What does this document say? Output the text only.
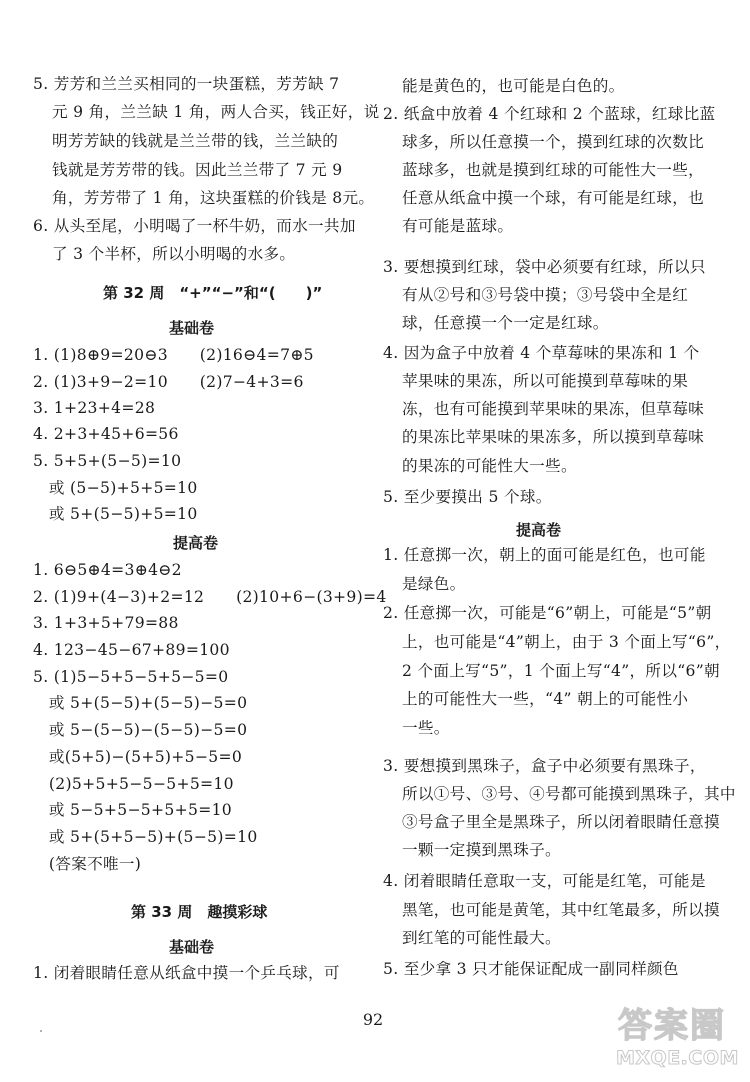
5. 芳芳和兰兰买相同的一块蛋糕，芳芳缺 7
元 9 角，兰兰缺 1 角，两人合买，钱正好，说
明芳芳缺的钱就是兰兰带的钱，兰兰缺的
钱就是芳芳带的钱。因此兰兰带了 7 元 9
角，芳芳带了 1 角，这块蛋糕的价钱是 8元。
6. 从头至尾，小明喝了一杯牛奶，而水一共加
了 3 个半杯，所以小明喝的水多。
第 32 周　“+”“−”和“(　　)”
基础卷
1. (1)8⊕9=20⊖3　　(2)16⊖4=7⊕5
2. (1)3+9−2=10　　(2)7−4+3=6
3. 1+23+4=28
4. 2+3+45+6=56
5. 5+5+(5−5)=10
　或 (5−5)+5+5=10
　或 5+(5−5)+5=10
提高卷
1. 6⊖5⊕4=3⊕4⊖2
2. (1)9+(4−3)+2=12　　(2)10+6−(3+9)=4
3. 1+3+5+79=88
4. 123−45−67+89=100
5. (1)5−5+5−5+5−5=0
　或 5+(5−5)+(5−5)−5=0
　或 5−(5−5)−(5−5)−5=0
　或(5+5)−(5+5)+5−5=0
　(2)5+5+5−5−5+5=10
　或 5−5+5−5+5+5=10
　或 5+(5+5−5)+(5−5)=10
　(答案不唯一)
第 33 周　趣摸彩球
基础卷
1. 闭着眼睛任意从纸盒中摸一个乒乓球，可
能是黄色的，也可能是白色的。
2. 纸盒中放着 4 个红球和 2 个蓝球，红球比蓝
球多，所以任意摸一个，摸到红球的次数比
蓝球多，也就是摸到红球的可能性大一些，
任意从纸盒中摸一个球，有可能是红球，也
有可能是蓝球。
3. 要想摸到红球，袋中必须要有红球，所以只
有从②号和③号袋中摸；③号袋中全是红
球，任意摸一个一定是红球。
4. 因为盒子中放着 4 个草莓味的果冻和 1 个
苹果味的果冻，所以可能摸到草莓味的果
冻，也有可能摸到苹果味的果冻，但草莓味
的果冻比苹果味的果冻多，所以摸到草莓味
的果冻的可能性大一些。
5. 至少要摸出 5 个球。
提高卷
1. 任意掷一次，朝上的面可能是红色，也可能
是绿色。
2. 任意掷一次，可能是“6”朝上，可能是“5”朝
上，也可能是“4”朝上，由于 3 个面上写“6”，
2 个面上写“5”，1 个面上写“4”，所以“6”朝
上的可能性大一些，“4” 朝上的可能性小
一些。
3. 要想摸到黑珠子，盒子中必须要有黑珠子，
所以①号、③号、④号都可能摸到黑珠子，其中
③号盒子里全是黑珠子，所以闭着眼睛任意摸
一颗一定摸到黑珠子。
4. 闭着眼睛任意取一支，可能是红笔，可能是
黑笔，也可能是黄笔，其中红笔最多，所以摸
到红笔的可能性最大。
5. 至少拿 3 只才能保证配成一副同样颜色
92	答案圈
MXQE.COM
